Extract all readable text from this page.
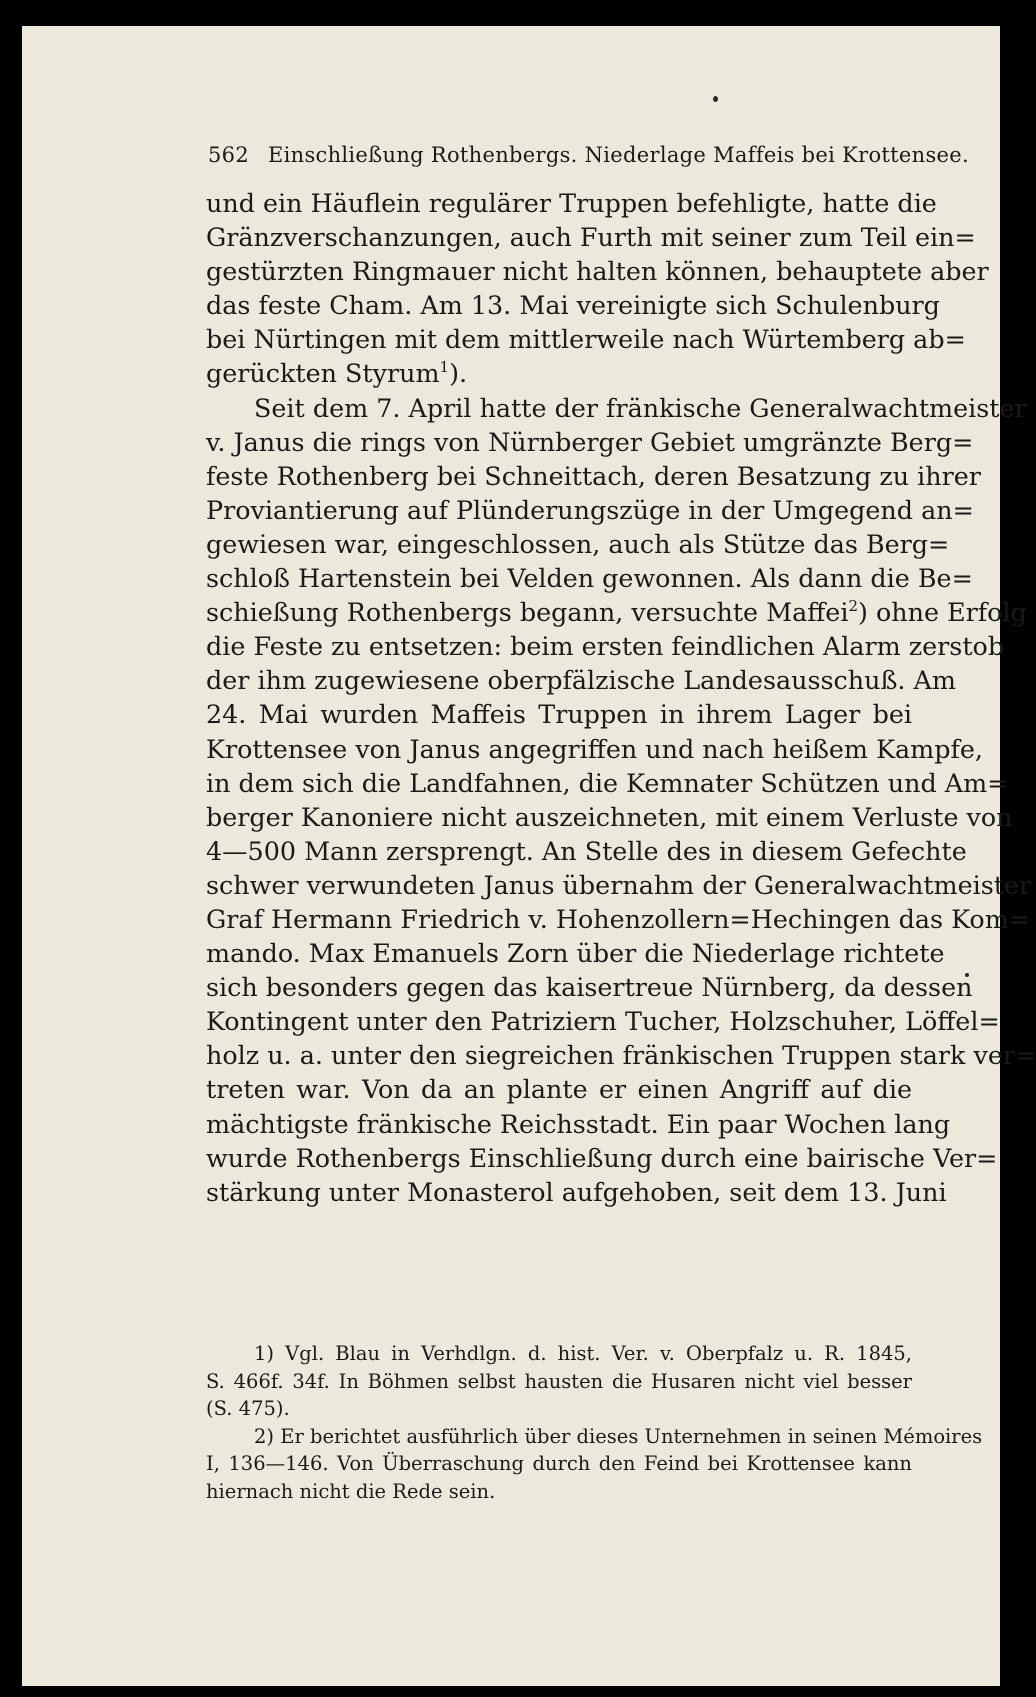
562 Einschließung Rothenbergs. Niederlage Maffeis bei Krottensee.
und ein Häuflein regulärer Truppen befehligte, hatte die
Gränzverschanzungen, auch Furth mit seiner zum Teil ein=
gestürzten Ringmauer nicht halten können, behauptete aber
das feste Cham. Am 13. Mai vereinigte sich Schulenburg
bei Nürtingen mit dem mittlerweile nach Würtemberg ab=
gerückten Styrum$^1$).
Seit dem 7. April hatte der fränkische Generalwachtmeister
v. Janus die rings von Nürnberger Gebiet umgränzte Berg=
feste Rothenberg bei Schneittach, deren Besatzung zu ihrer
Proviantierung auf Plünderungszüge in der Umgegend an=
gewiesen war, eingeschlossen, auch als Stütze das Berg=
schloß Hartenstein bei Velden gewonnen. Als dann die Be=
schießung Rothenbergs begann, versuchte Maffei$^2$) ohne Erfolg
die Feste zu entsetzen: beim ersten feindlichen Alarm zerstob
der ihm zugewiesene oberpfälzische Landesausschuß. Am
24. Mai wurden Maffeis Truppen in ihrem Lager bei
Krottensee von Janus angegriffen und nach heißem Kampfe,
in dem sich die Landfahnen, die Kemnater Schützen und Am=
berger Kanoniere nicht auszeichneten, mit einem Verluste von
4—500 Mann zersprengt. An Stelle des in diesem Gefechte
schwer verwundeten Janus übernahm der Generalwachtmeister
Graf Hermann Friedrich v. Hohenzollern=Hechingen das Kom=
mando. Max Emanuels Zorn über die Niederlage richtete
sich besonders gegen das kaisertreue Nürnberg, da dessen
Kontingent unter den Patriziern Tucher, Holzschuher, Löffel=
holz u. a. unter den siegreichen fränkischen Truppen stark ver=
treten war. Von da an plante er einen Angriff auf die
mächtigste fränkische Reichsstadt. Ein paar Wochen lang
wurde Rothenbergs Einschließung durch eine bairische Ver=
stärkung unter Monasterol aufgehoben, seit dem 13. Juni
1) Vgl. Blau in Verhdlgn. d. hist. Ver. v. Oberpfalz u. R. 1845,
S. 466f. 34f. In Böhmen selbst hausten die Husaren nicht viel besser
(S. 475).
2) Er berichtet ausführlich über dieses Unternehmen in seinen Mémoires
I, 136—146. Von Überraschung durch den Feind bei Krottensee kann
hiernach nicht die Rede sein.
